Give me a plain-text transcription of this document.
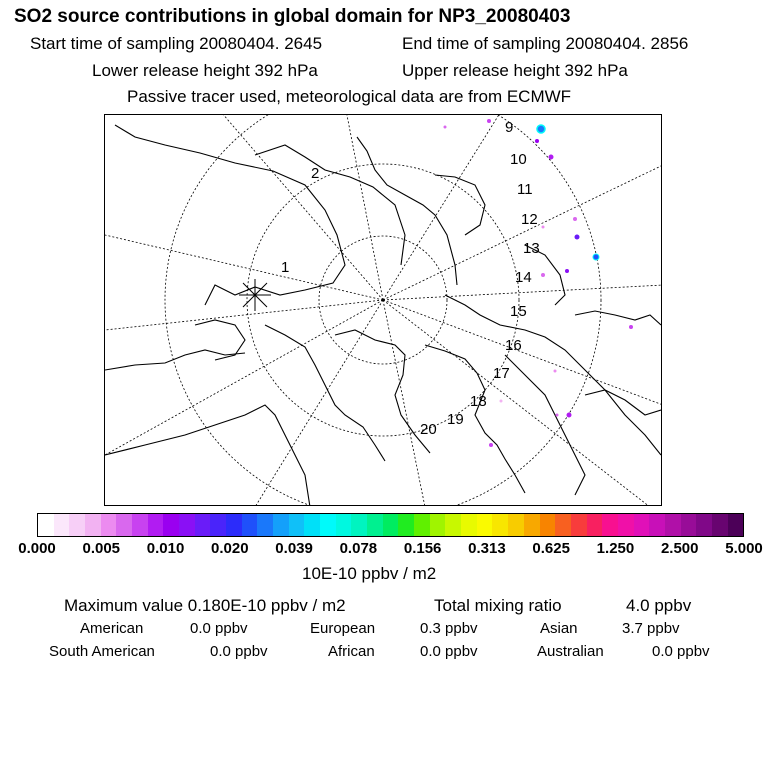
SO2 source contributions in global domain for NP3_20080403
Start time of sampling 20080404. 2645	End time of sampling 20080404. 2856
Lower release height 392 hPa	Upper release height 392 hPa
Passive tracer used, meteorological data are from ECMWF
9
10
11
12
13
14
15
16
17
18
19
20
1
2
0.000 0.005 0.010 0.020 0.039 0.078 0.156 0.313 0.625 1.250 2.500 5.000
10E-10 ppbv / m2
Maximum value 0.180E-10 ppbv / m2	Total mixing ratio	4.0 ppbv
American	0.0 ppbv	European	0.3 ppbv	Asian	3.7 ppbv
South American	0.0 ppbv	African	0.0 ppbv	Australian	0.0 ppbv
